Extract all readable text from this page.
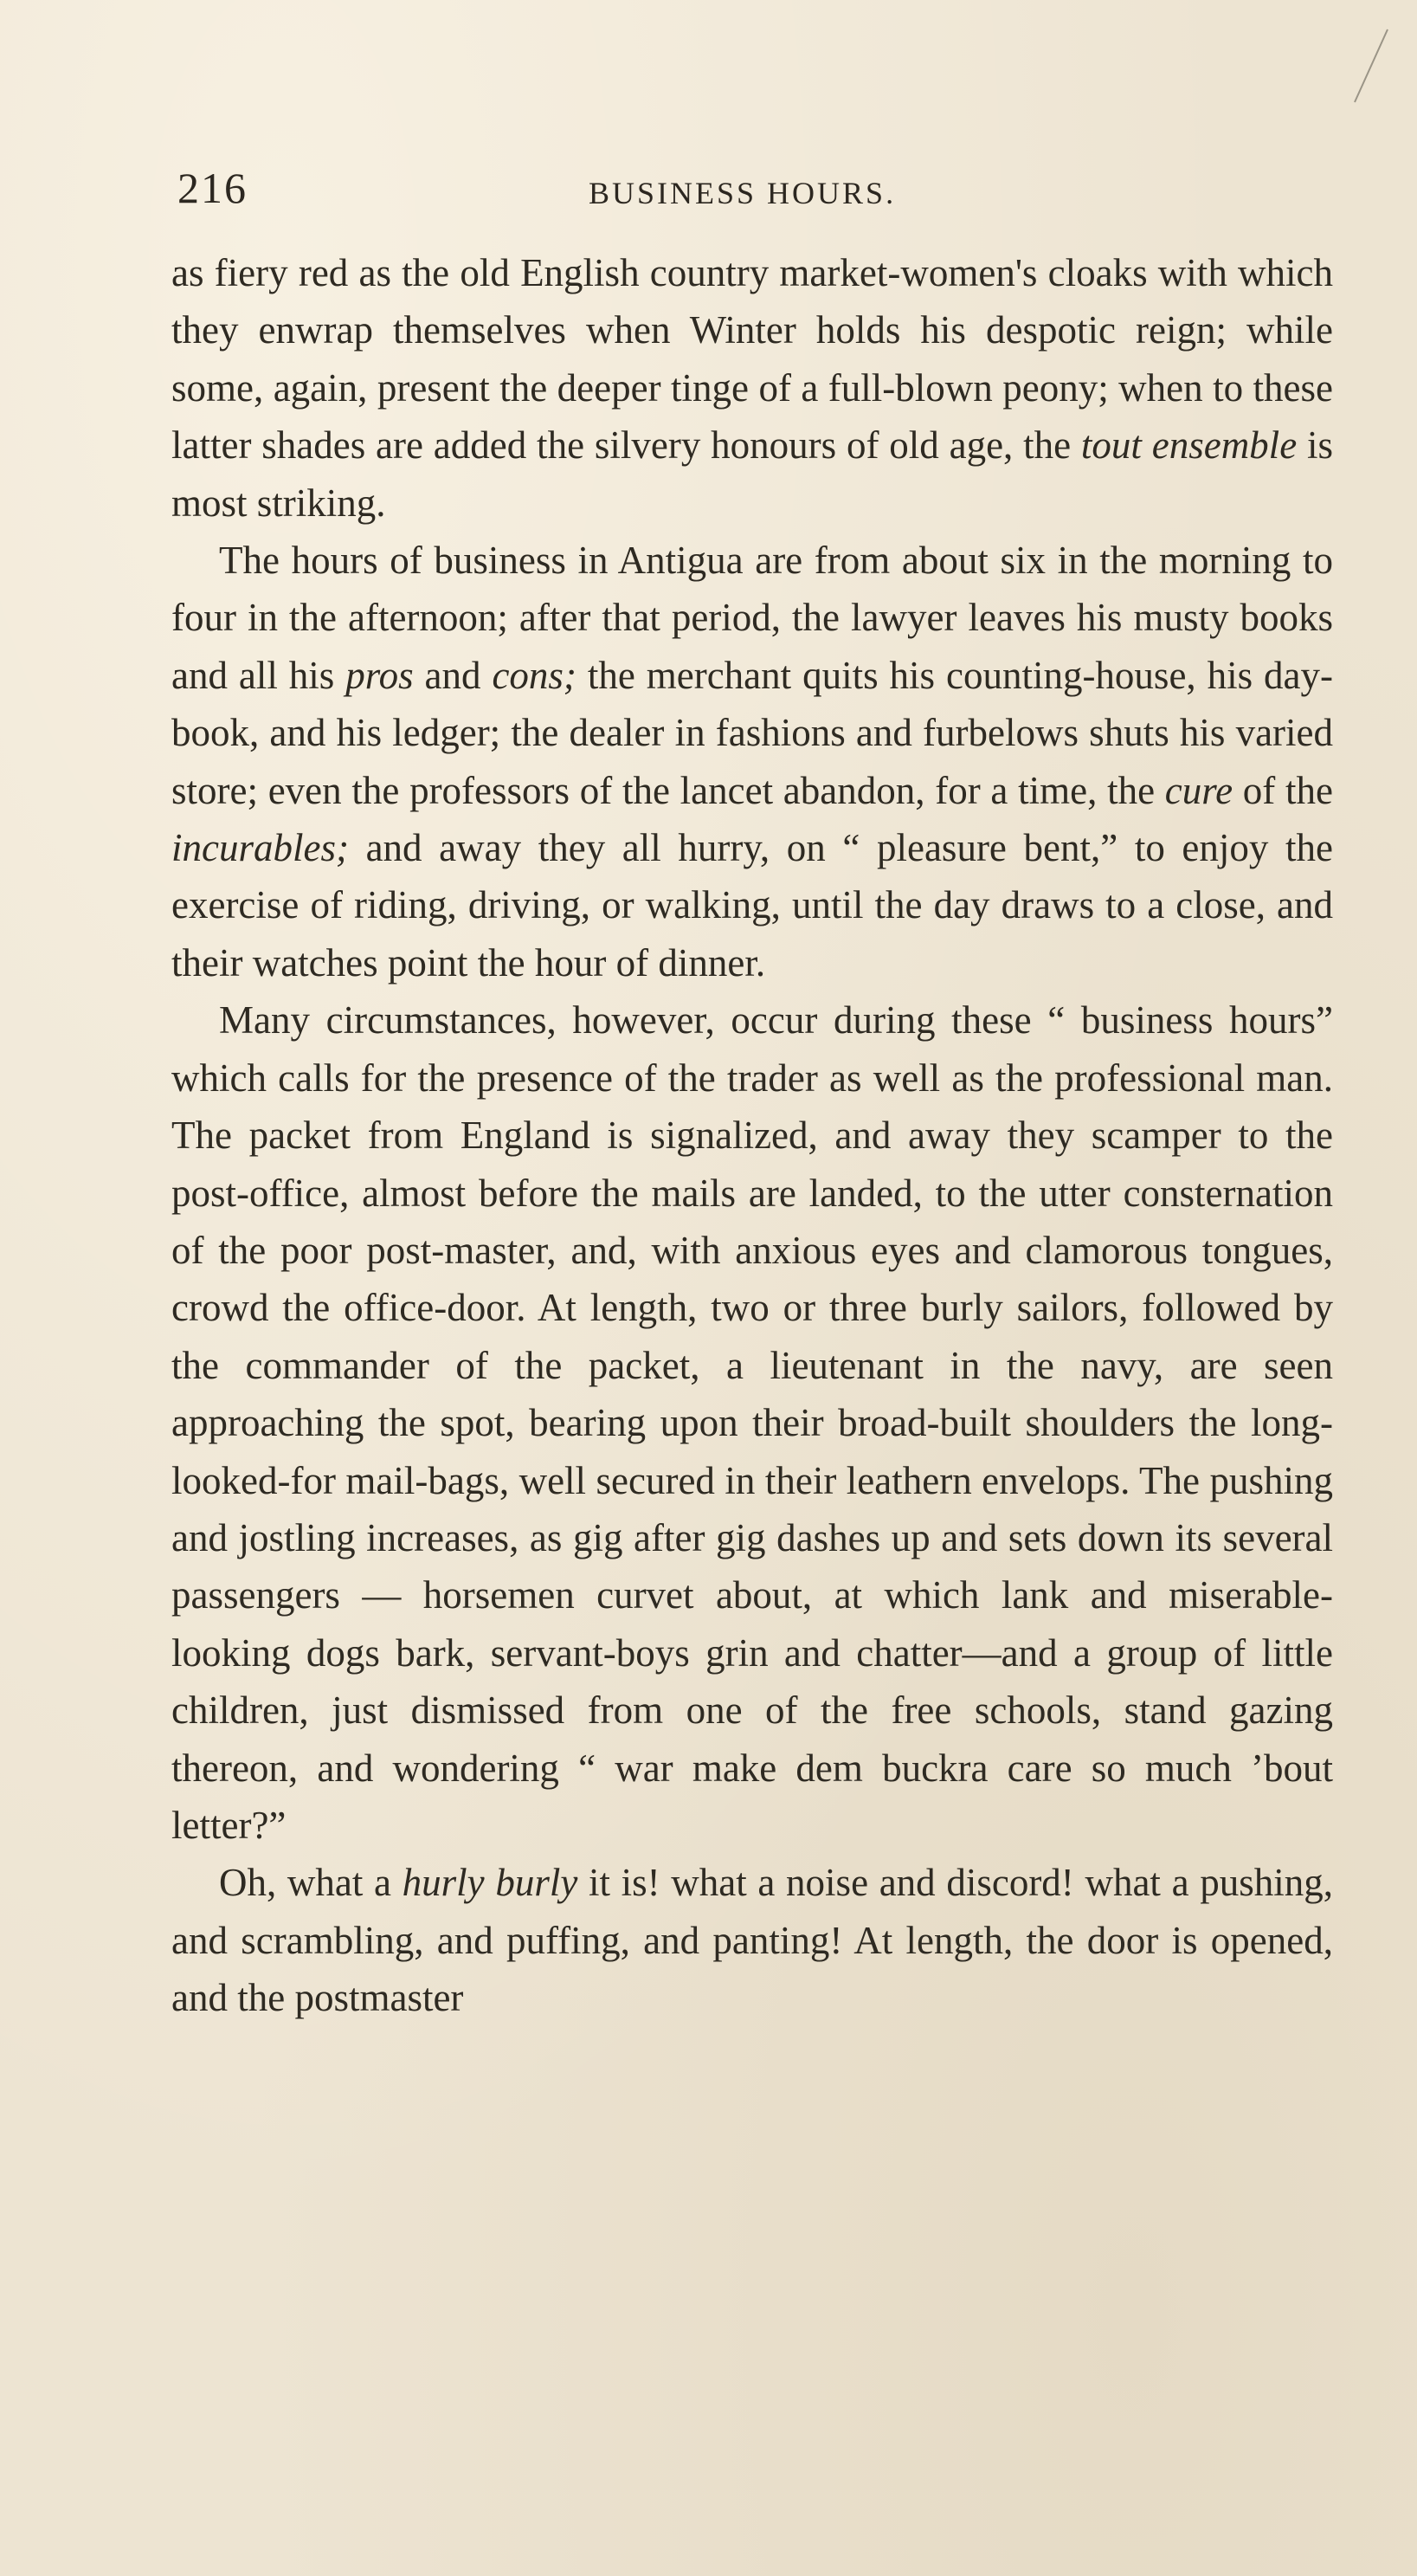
216	BUSINESS HOURS.

as fiery red as the old English country market-women's cloaks with which they enwrap themselves when Winter holds his despotic reign; while some, again, present the deeper tinge of a full-blown peony; when to these latter shades are added the silvery honours of old age, the tout ensemble is most striking.

The hours of business in Antigua are from about six in the morning to four in the afternoon; after that period, the lawyer leaves his musty books and all his pros and cons; the merchant quits his counting-house, his day-book, and his ledger; the dealer in fashions and furbelows shuts his varied store; even the professors of the lancet abandon, for a time, the cure of the incurables; and away they all hurry, on “ pleasure bent,” to enjoy the exercise of riding, driving, or walking, until the day draws to a close, and their watches point the hour of dinner.

Many circumstances, however, occur during these “ business hours” which calls for the presence of the trader as well as the professional man. The packet from England is signalized, and away they scamper to the post-office, almost before the mails are landed, to the utter consternation of the poor post-master, and, with anxious eyes and clamorous tongues, crowd the office-door. At length, two or three burly sailors, followed by the commander of the packet, a lieutenant in the navy, are seen approaching the spot, bearing upon their broad-built shoulders the long-looked-for mail-bags, well secured in their leathern envelops. The pushing and jostling increases, as gig after gig dashes up and sets down its several passengers — horsemen curvet about, at which lank and miserable-looking dogs bark, servant-boys grin and chatter—and a group of little children, just dismissed from one of the free schools, stand gazing thereon, and wondering “ war make dem buckra care so much ’bout letter?”

Oh, what a hurly burly it is! what a noise and discord! what a pushing, and scrambling, and puffing, and panting! At length, the door is opened, and the postmaster
